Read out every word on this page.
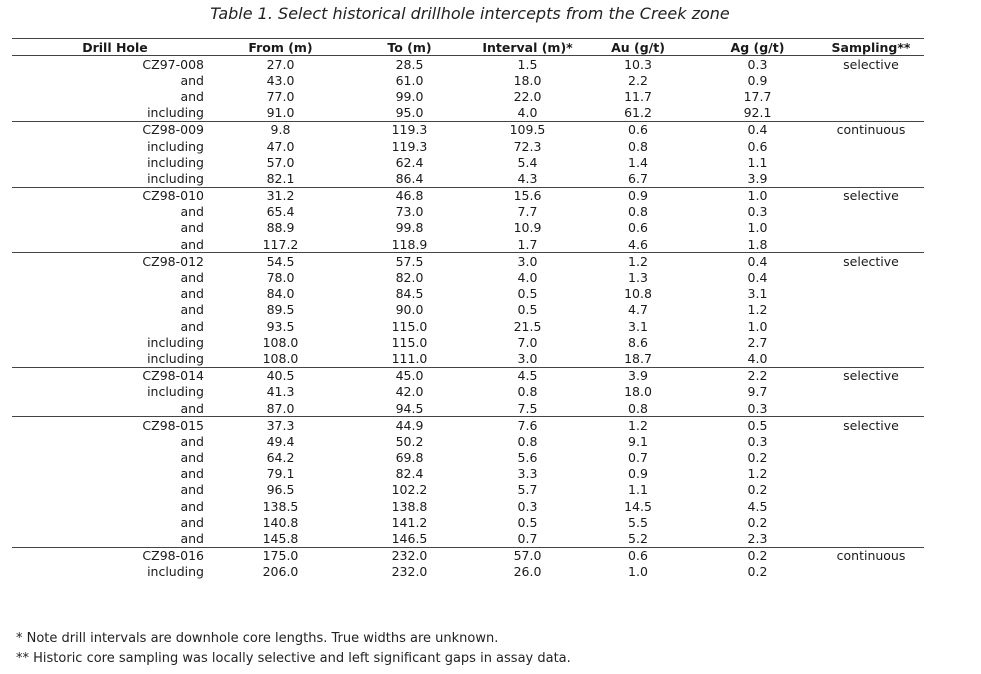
Table 1. Select historical drillhole intercepts from the Creek zone
Drill Hole	From (m)	To (m)	Interval (m)*	Au (g/t)	Ag (g/t)	Sampling**
CZ97-008	27.0	28.5	1.5	10.3	0.3	selective
and	43.0	61.0	18.0	2.2	0.9	
and	77.0	99.0	22.0	11.7	17.7	
including	91.0	95.0	4.0	61.2	92.1	
CZ98-009	9.8	119.3	109.5	0.6	0.4	continuous
including	47.0	119.3	72.3	0.8	0.6	
including	57.0	62.4	5.4	1.4	1.1	
including	82.1	86.4	4.3	6.7	3.9	
CZ98-010	31.2	46.8	15.6	0.9	1.0	selective
and	65.4	73.0	7.7	0.8	0.3	
and	88.9	99.8	10.9	0.6	1.0	
and	117.2	118.9	1.7	4.6	1.8	
CZ98-012	54.5	57.5	3.0	1.2	0.4	selective
and	78.0	82.0	4.0	1.3	0.4	
and	84.0	84.5	0.5	10.8	3.1	
and	89.5	90.0	0.5	4.7	1.2	
and	93.5	115.0	21.5	3.1	1.0	
including	108.0	115.0	7.0	8.6	2.7	
including	108.0	111.0	3.0	18.7	4.0	
CZ98-014	40.5	45.0	4.5	3.9	2.2	selective
including	41.3	42.0	0.8	18.0	9.7	
and	87.0	94.5	7.5	0.8	0.3	
CZ98-015	37.3	44.9	7.6	1.2	0.5	selective
and	49.4	50.2	0.8	9.1	0.3	
and	64.2	69.8	5.6	0.7	0.2	
and	79.1	82.4	3.3	0.9	1.2	
and	96.5	102.2	5.7	1.1	0.2	
and	138.5	138.8	0.3	14.5	4.5	
and	140.8	141.2	0.5	5.5	0.2	
and	145.8	146.5	0.7	5.2	2.3	
CZ98-016	175.0	232.0	57.0	0.6	0.2	continuous
including	206.0	232.0	26.0	1.0	0.2	
* Note drill intervals are downhole core lengths. True widths are unknown.
** Historic core sampling was locally selective and left significant gaps in assay data.
